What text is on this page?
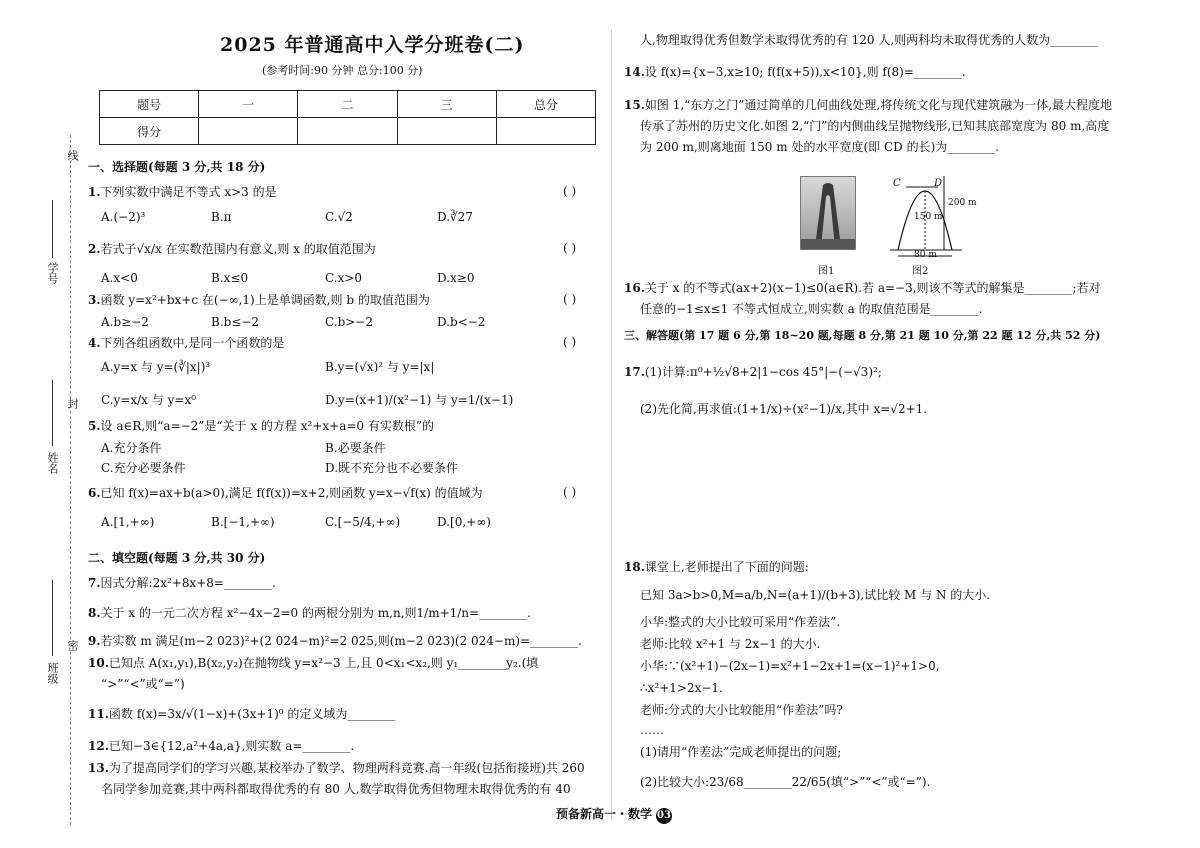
线
封
密
学号
姓名
班级
2025 年普通高中入学分班卷(二)
(参考时间:90 分钟 总分:100 分)
题号	一	二	三	总分
得分				
一、选择题(每题 3 分,共 18 分)
1.下列实数中满足不等式 x>3 的是	( )
A.(−2)³	B.π	C.√2	D.∛27
2.若式子√x/x 在实数范围内有意义,则 x 的取值范围为	( )
A.x<0	B.x≤0	C.x>0	D.x≥0
3.函数 y=x²+bx+c 在(−∞,1)上是单调函数,则 b 的取值范围为	( )
A.b≥−2	B.b≤−2	C.b>−2	D.b<−2
4.下列各组函数中,是同一个函数的是	( )
A.y=x 与 y=(∛|x|)³	B.y=(√x)² 与 y=|x|
C.y=x/x 与 y=x⁰	D.y=(x+1)/(x²−1) 与 y=1/(x−1)
5.设 a∈R,则“a=−2”是“关于 x 的方程 x²+x+a=0 有实数根”的
A.充分条件	B.必要条件
C.充分必要条件	D.既不充分也不必要条件
6.已知 f(x)=ax+b(a>0),满足 f(f(x))=x+2,则函数 y=x−√f(x) 的值域为	( )
A.[1,+∞)	B.[−1,+∞)	C.[−5/4,+∞)	D.[0,+∞)
二、填空题(每题 3 分,共 30 分)
7.因式分解:2x²+8x+8=________.
8.关于 x 的一元二次方程 x²−4x−2=0 的两根分别为 m,n,则1/m+1/n=________.
9.若实数 m 满足(m−2 023)²+(2 024−m)²=2 025,则(m−2 023)(2 024−m)=________.
10.已知点 A(x₁,y₁),B(x₂,y₂)在抛物线 y=x²−3 上,且 0<x₁<x₂,则 y₁________y₂.(填
“>”“<”或“=”)
11.函数 f(x)=3x/√(1−x)+(3x+1)⁰ 的定义域为________
12.已知−3∈{12,a²+4a,a},则实数 a=________.
13.为了提高同学们的学习兴趣,某校举办了数学、物理两科竞赛.高一年级(包括衔接班)共 260
名同学参加竞赛,其中两科都取得优秀的有 80 人,数学取得优秀但物理未取得优秀的有 40
人,物理取得优秀但数学未取得优秀的有 120 人,则两科均未取得优秀的人数为________
14.设 f(x)={x−3,x≥10; f(f(x+5)),x<10},则 f(8)=________.
15.如图 1,“东方之门”通过简单的几何曲线处理,将传统文化与现代建筑融为一体,最大程度地
传承了苏州的历史文化.如图 2,“门”的内侧曲线呈抛物线形,已知其底部宽度为 80 m,高度
为 200 m,则离地面 150 m 处的水平宽度(即 CD 的长)为________.
图1
C	D
200 m
150 m
80 m
图2
16.关于 x 的不等式(ax+2)(x−1)≤0(a∈R).若 a=−3,则该不等式的解集是________;若对
任意的−1≤x≤1 不等式恒成立,则实数 a 的取值范围是________.
三、解答题(第 17 题 6 分,第 18~20 题,每题 8 分,第 21 题 10 分,第 22 题 12 分,共 52 分)
17.(1)计算:π⁰+½√8+2|1−cos 45°|−(−√3)²;
(2)先化简,再求值:(1+1/x)÷(x²−1)/x,其中 x=√2+1.
18.课堂上,老师提出了下面的问题:
已知 3a>b>0,M=a/b,N=(a+1)/(b+3),试比较 M 与 N 的大小.
小华:整式的大小比较可采用“作差法”.
老师:比较 x²+1 与 2x−1 的大小.
小华:∵(x²+1)−(2x−1)=x²+1−2x+1=(x−1)²+1>0,
∴x²+1>2x−1.
老师:分式的大小比较能用“作差法”吗?
……
(1)请用“作差法”完成老师提出的问题;
(2)比较大小:23/68________22/65(填“>”“<”或“=”).
预备新高一・数学 03
